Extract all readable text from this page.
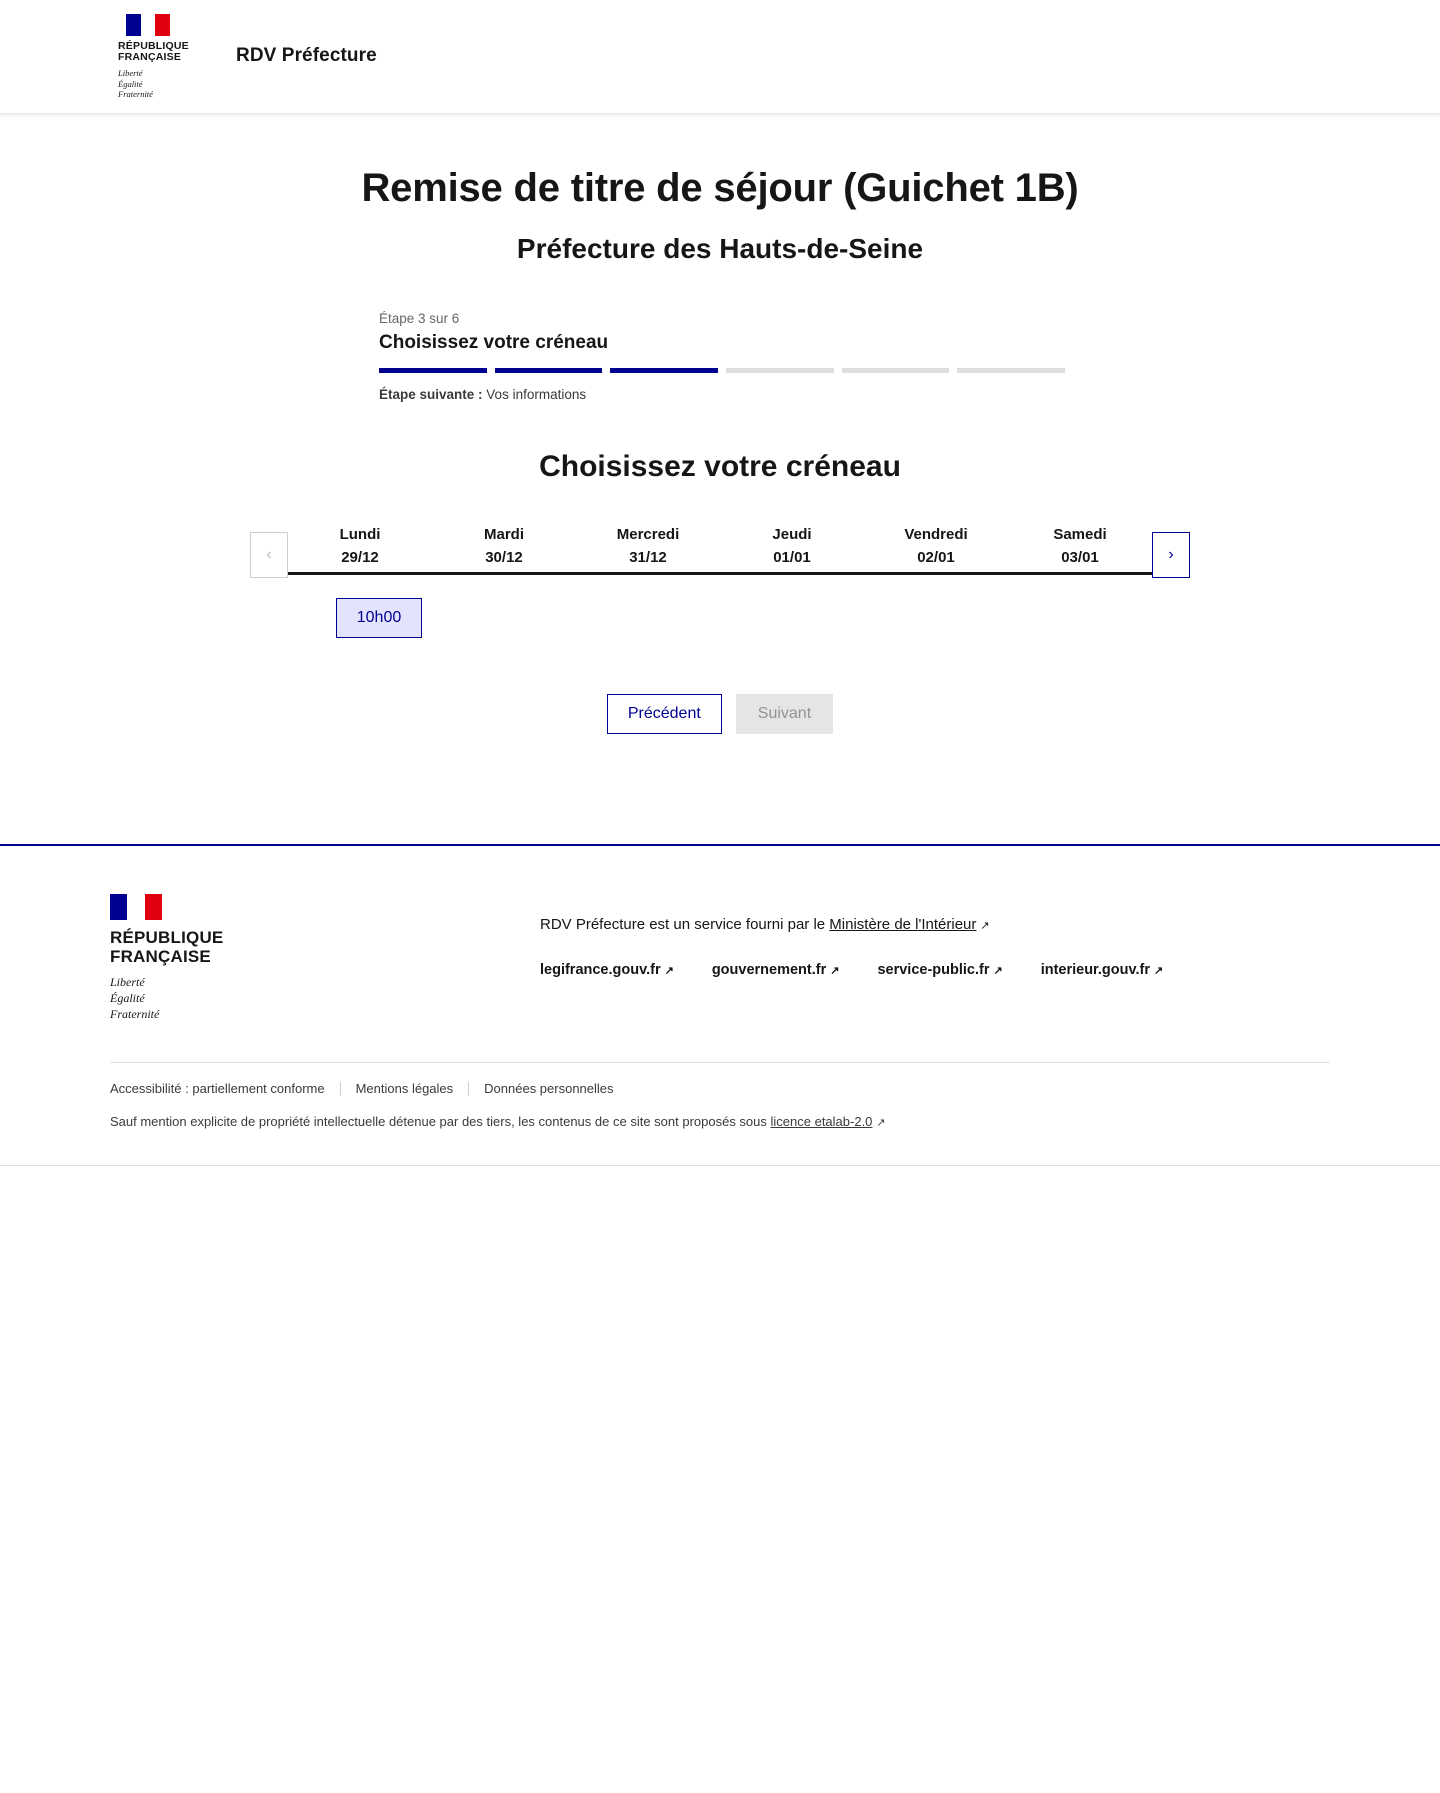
RÉPUBLIQUE
FRANÇAISE
Liberté
Égalité
Fraternité
RDV Préfecture
Remise de titre de séjour (Guichet 1B)
Préfecture des Hauts-de-Seine
Étape 3 sur 6
Choisissez votre créneau
Étape suivante : Vos informations
Choisissez votre créneau
‹
Lundi
29/12
Mardi
30/12
Mercredi
31/12
Jeudi
01/01
Vendredi
02/01
Samedi
03/01	›
10h00
Précédent	Suivant
RÉPUBLIQUE
FRANÇAISE
Liberté
Égalité
Fraternité
RDV Préfecture est un service fourni par le Ministère de l'Intérieur ↗
legifrance.gouv.fr ↗	gouvernement.fr ↗	service-public.fr ↗	interieur.gouv.fr ↗
Accessibilité : partiellement conforme Mentions légales Données personnelles
Sauf mention explicite de propriété intellectuelle détenue par des tiers, les contenus de ce site sont proposés sous licence etalab-2.0 ↗
